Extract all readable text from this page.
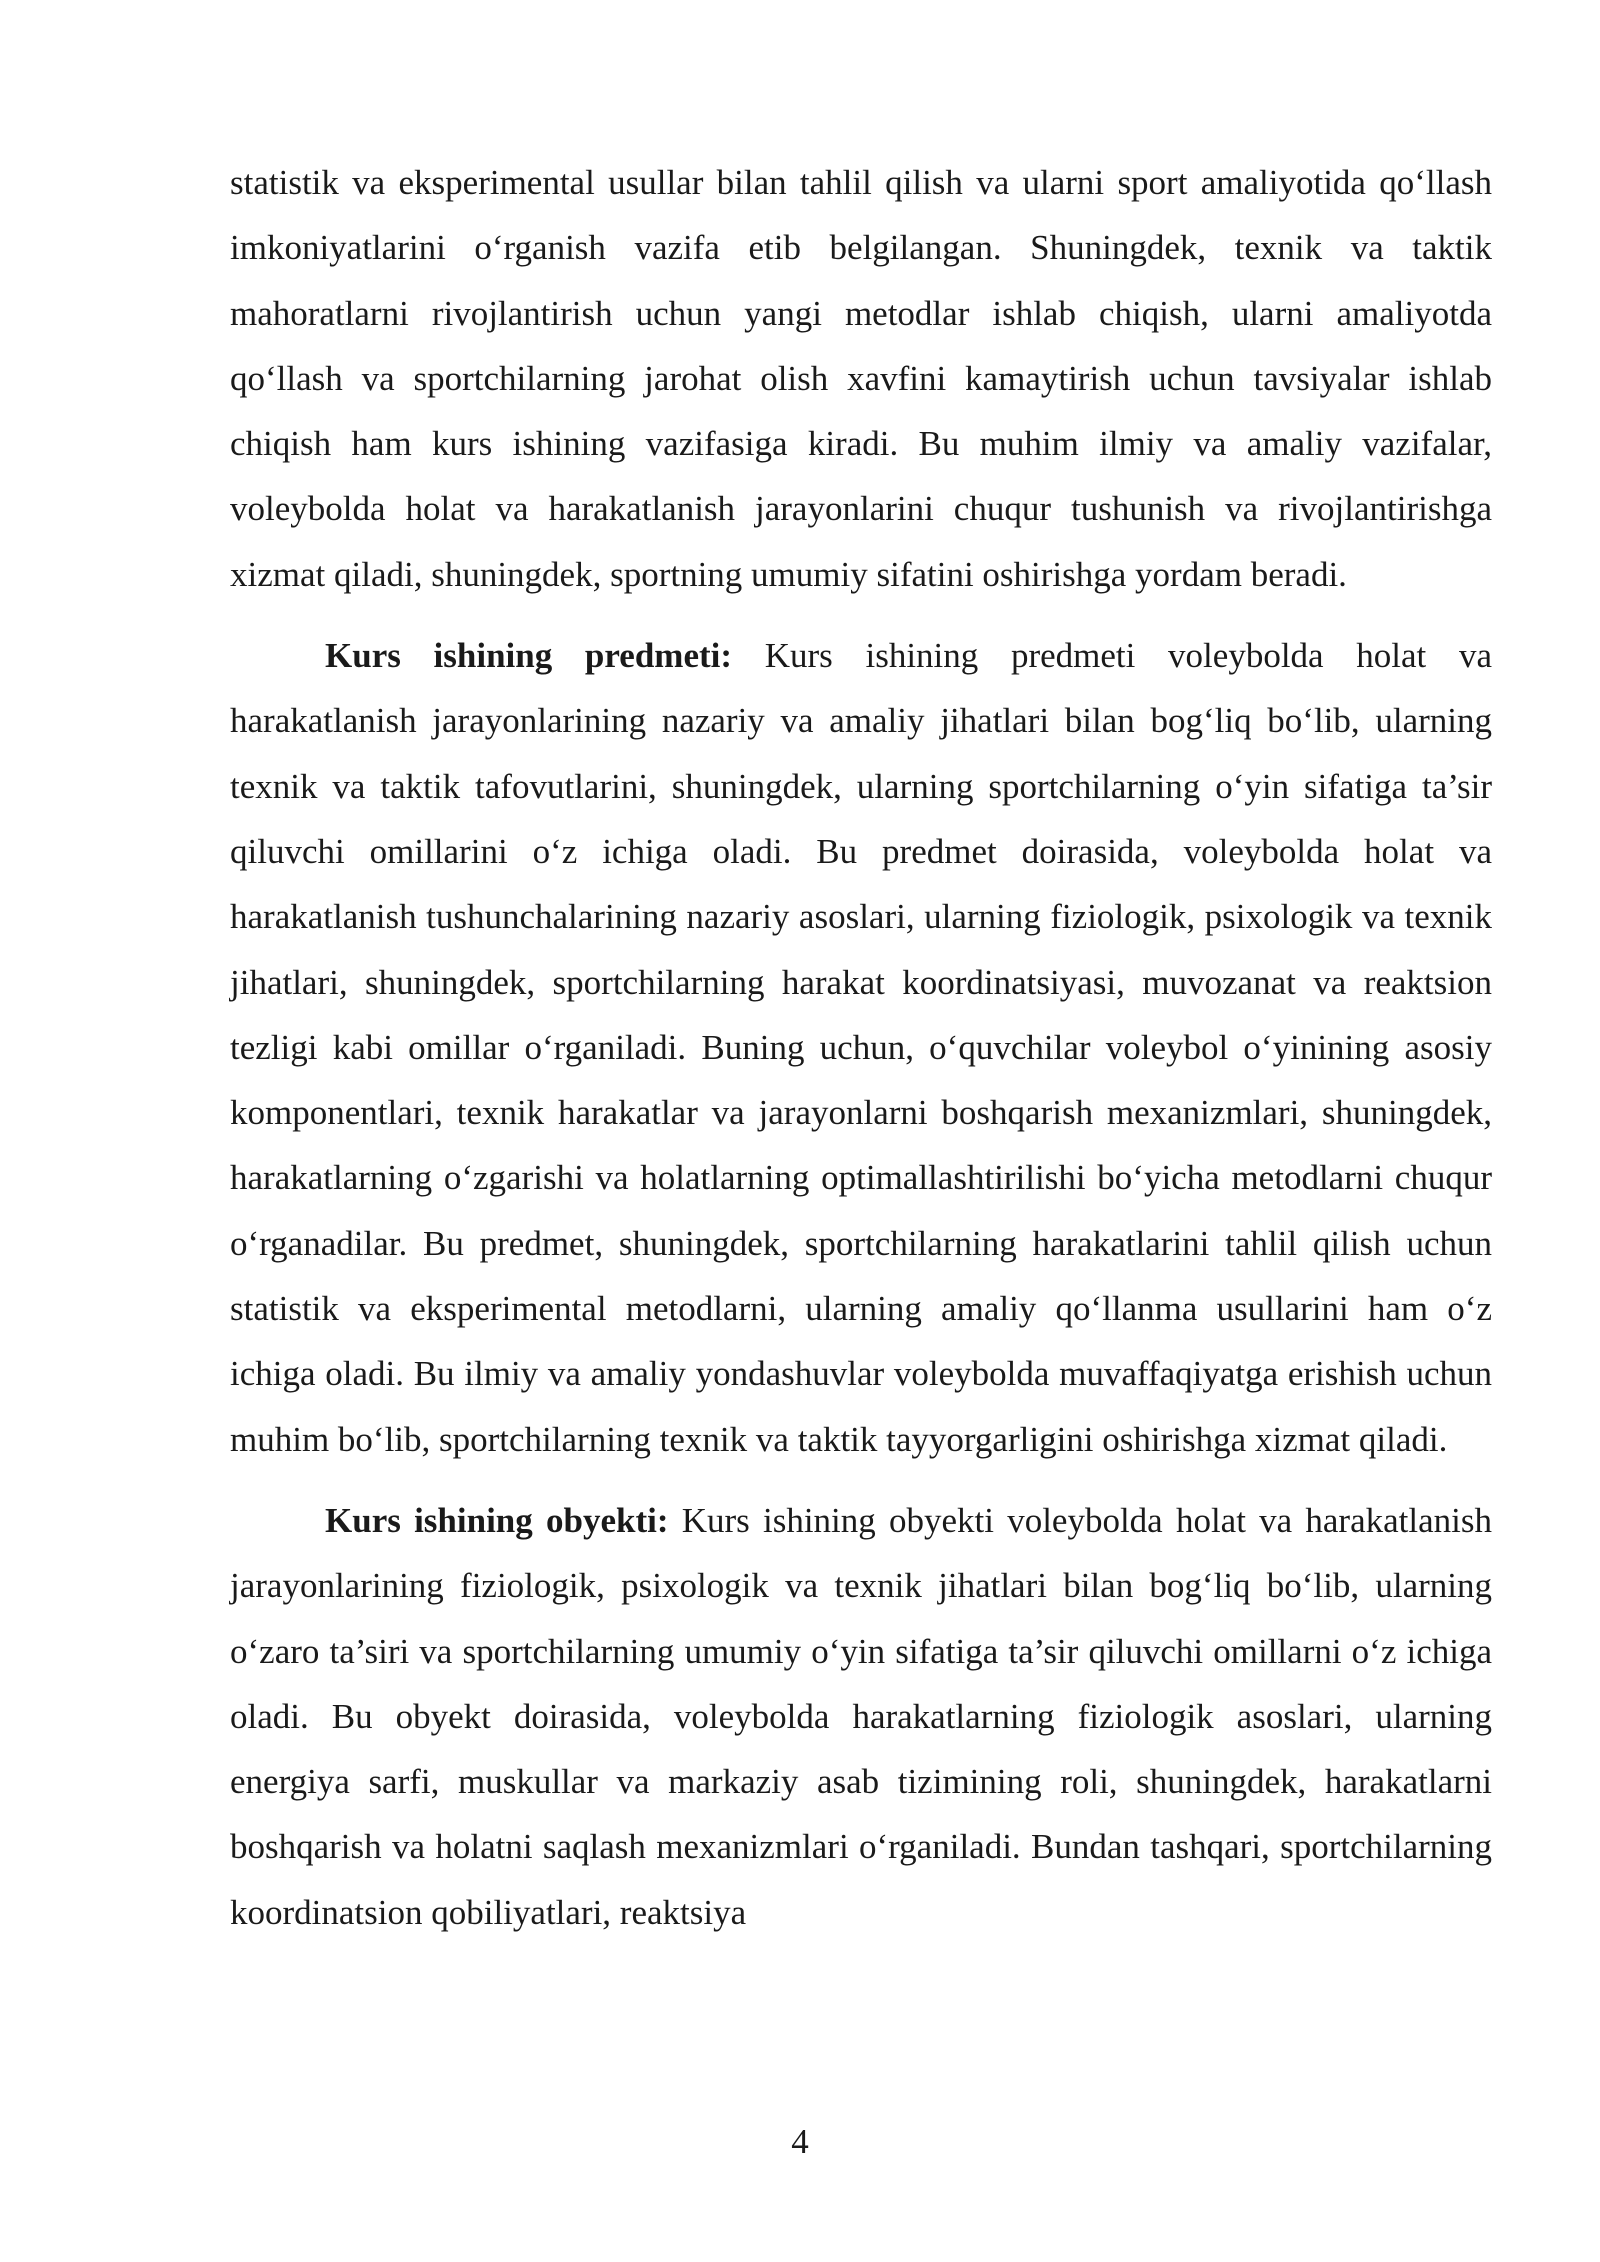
statistik va eksperimental usullar bilan tahlil qilish va ularni sport amaliyotida qo‘llash imkoniyatlarini o‘rganish vazifa etib belgilangan. Shuningdek, texnik va taktik mahoratlarni rivojlantirish uchun yangi metodlar ishlab chiqish, ularni amaliyotda qo‘llash va sportchilarning jarohat olish xavfini kamaytirish uchun tavsiyalar ishlab chiqish ham kurs ishining vazifasiga kiradi. Bu muhim ilmiy va amaliy vazifalar, voleybolda holat va harakatlanish jarayonlarini chuqur tushunish va rivojlantirishga xizmat qiladi, shuningdek, sportning umumiy sifatini oshirishga yordam beradi.

Kurs ishining predmeti: Kurs ishining predmeti voleybolda holat va harakatlanish jarayonlarining nazariy va amaliy jihatlari bilan bog‘liq bo‘lib, ularning texnik va taktik tafovutlarini, shuningdek, ularning sportchilarning o‘yin sifatiga ta’sir qiluvchi omillarini o‘z ichiga oladi. Bu predmet doirasida, voleybolda holat va harakatlanish tushunchalarining nazariy asoslari, ularning fiziologik, psixologik va texnik jihatlari, shuningdek, sportchilarning harakat koordinatsiyasi, muvozanat va reaktsion tezligi kabi omillar o‘rganiladi. Buning uchun, o‘quvchilar voleybol o‘yinining asosiy komponentlari, texnik harakatlar va jarayonlarni boshqarish mexanizmlari, shuningdek, harakatlarning o‘zgarishi va holatlarning optimallashtirilishi bo‘yicha metodlarni chuqur o‘rganadilar. Bu predmet, shuningdek, sportchilarning harakatlarini tahlil qilish uchun statistik va eksperimental metodlarni, ularning amaliy qo‘llanma usullarini ham o‘z ichiga oladi. Bu ilmiy va amaliy yondashuvlar voleybolda muvaffaqiyatga erishish uchun muhim bo‘lib, sportchilarning texnik va taktik tayyorgarligini oshirishga xizmat qiladi.

Kurs ishining obyekti: Kurs ishining obyekti voleybolda holat va harakatlanish jarayonlarining fiziologik, psixologik va texnik jihatlari bilan bog‘liq bo‘lib, ularning o‘zaro ta’siri va sportchilarning umumiy o‘yin sifatiga ta’sir qiluvchi omillarni o‘z ichiga oladi. Bu obyekt doirasida, voleybolda harakatlarning fiziologik asoslari, ularning energiya sarfi, muskullar va markaziy asab tizimining roli, shuningdek, harakatlarni boshqarish va holatni saqlash mexanizmlari o‘rganiladi. Bundan tashqari, sportchilarning koordinatsion qobiliyatlari, reaktsiya

4
